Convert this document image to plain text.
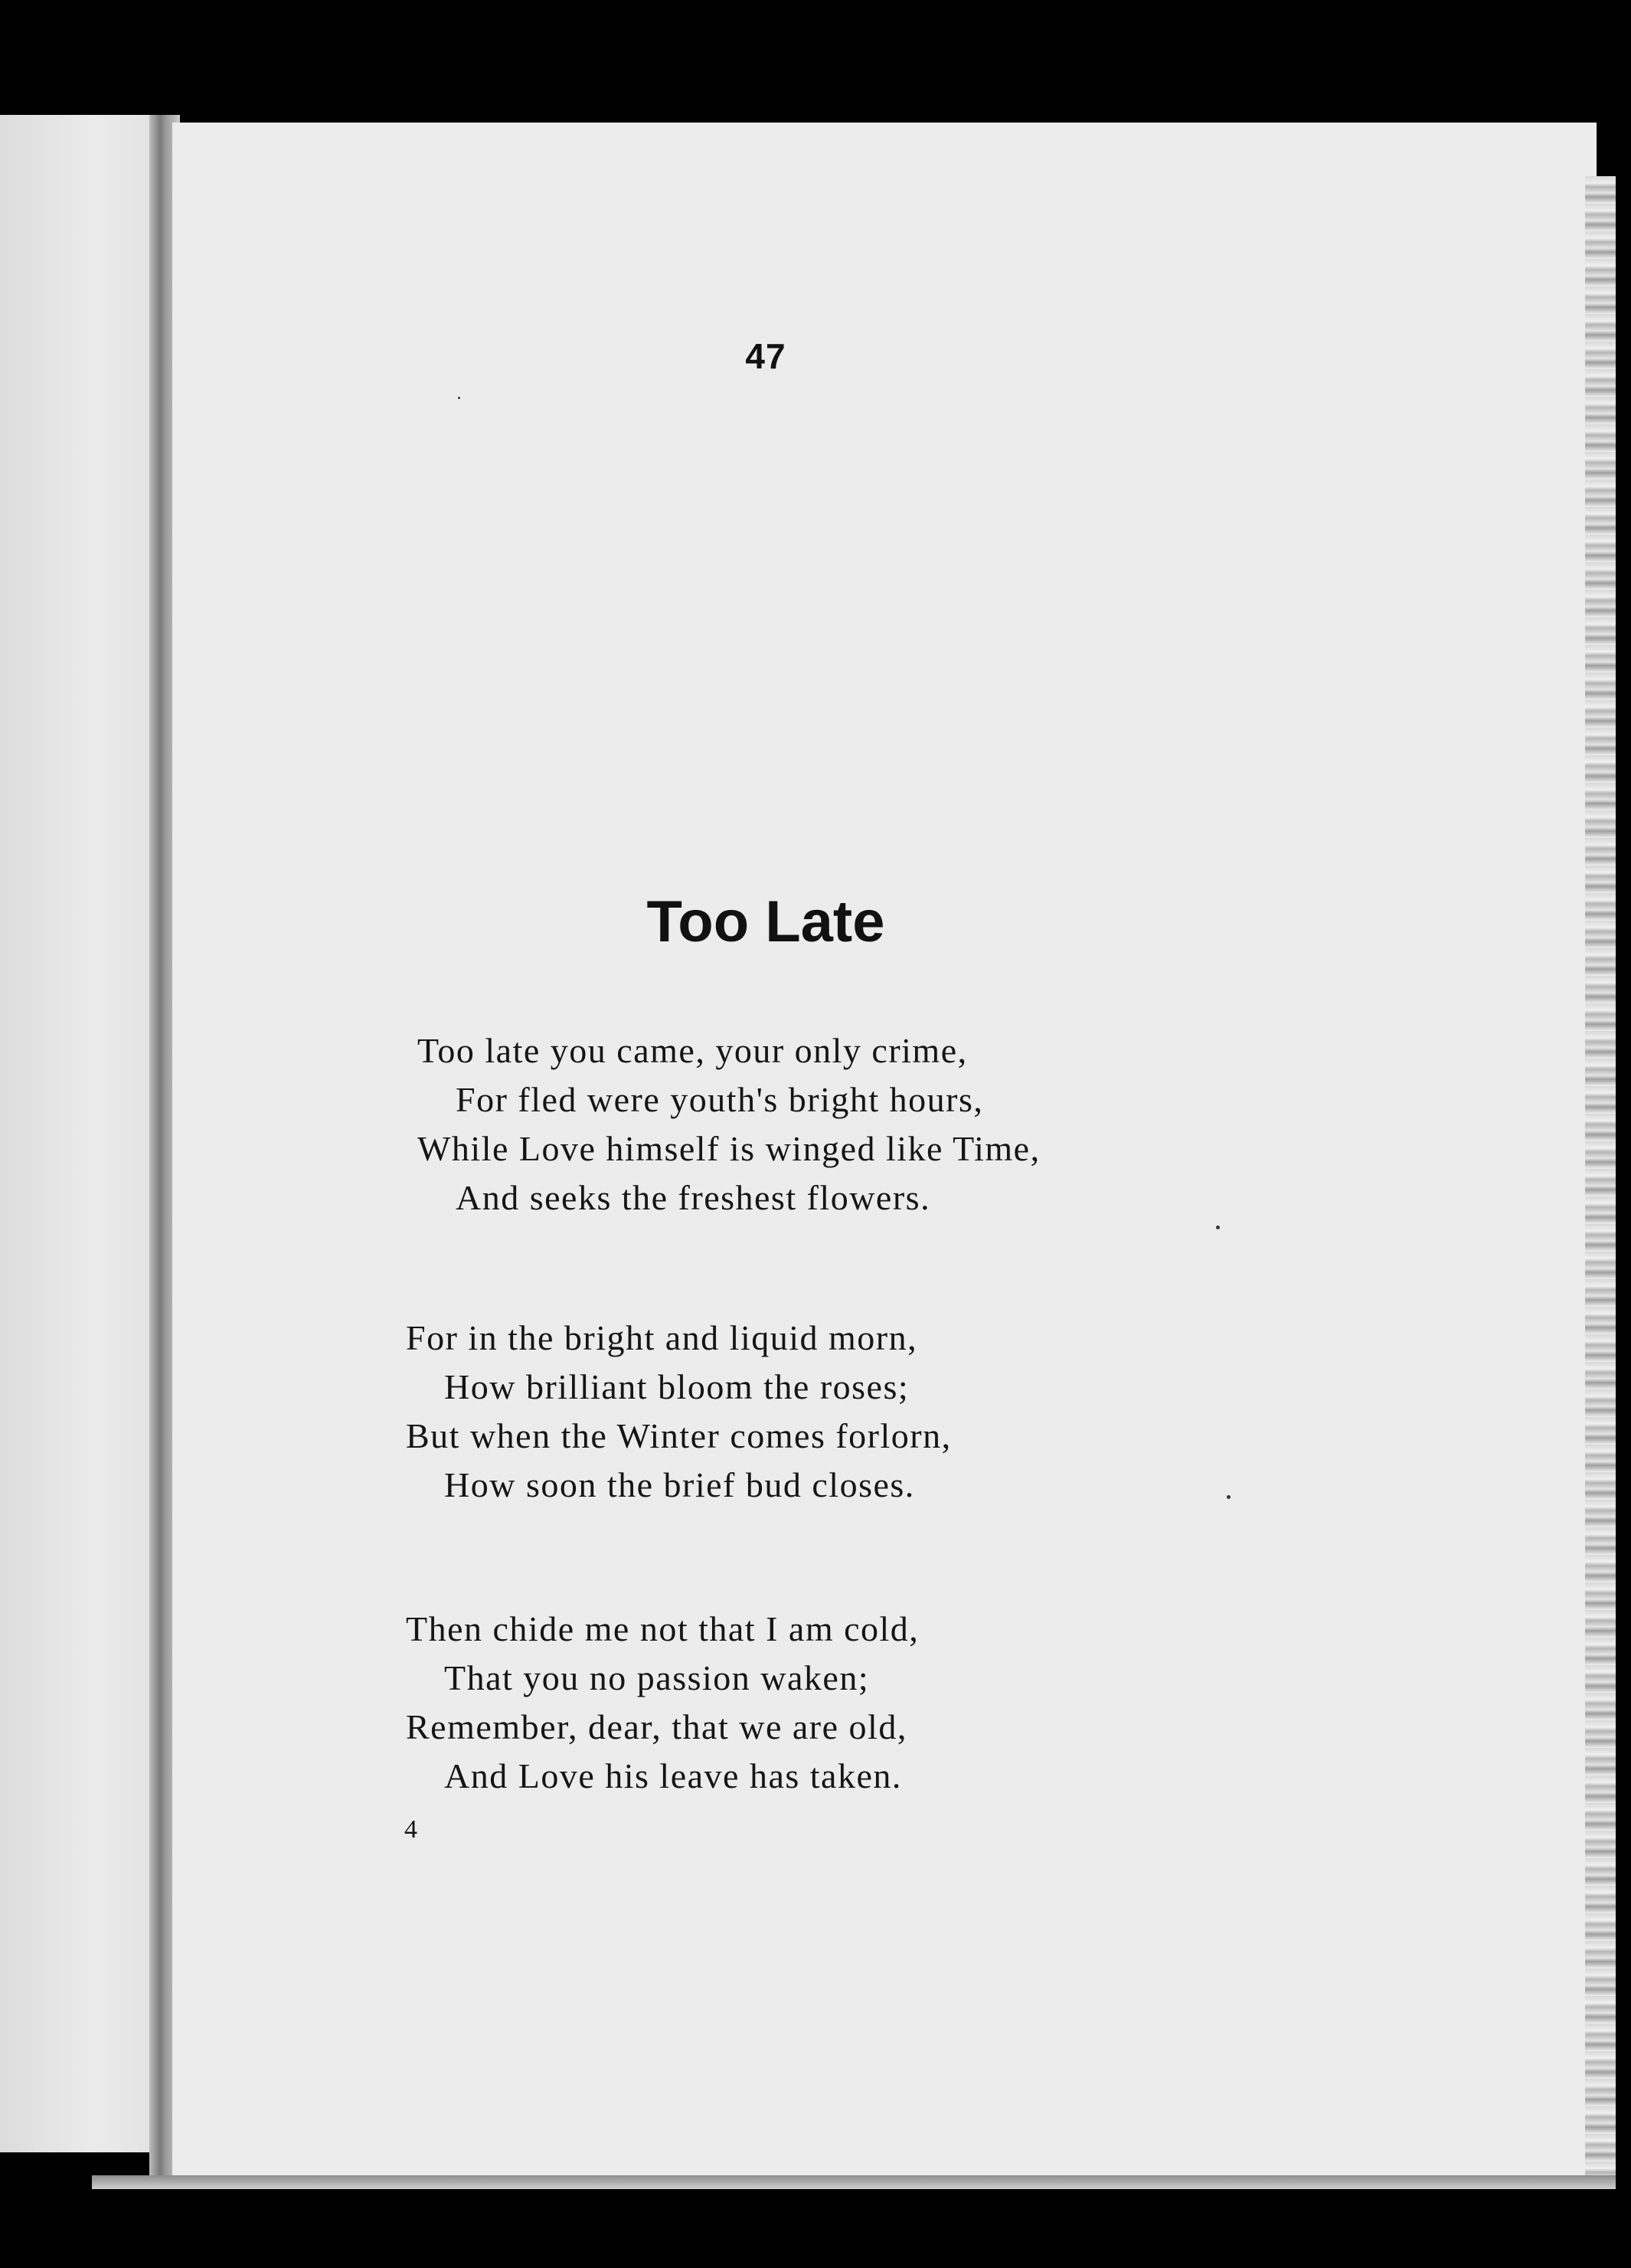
47
Too Late
Too late you came, your only crime,
For fled were youth's bright hours,
While Love himself is winged like Time,
And seeks the freshest flowers.
For in the bright and liquid morn,
How brilliant bloom the roses;
But when the Winter comes forlorn,
How soon the brief bud closes.
Then chide me not that I am cold,
That you no passion waken;
Remember, dear, that we are old,
And Love his leave has taken.
4
